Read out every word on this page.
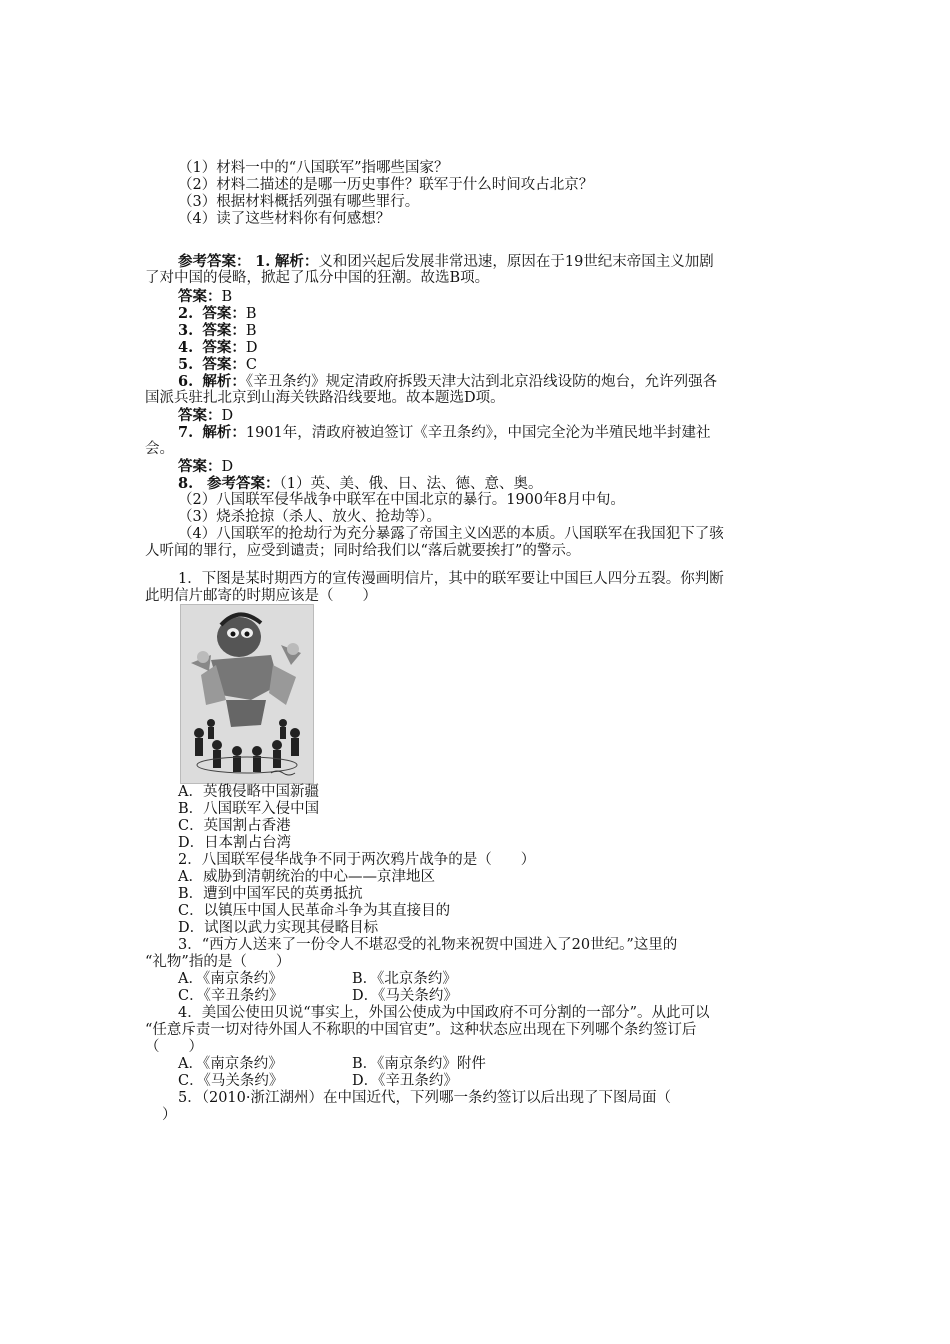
（1）材料一中的“八国联军”指哪些国家？
（2）材料二描述的是哪一历史事件？联军于什么时间攻占北京？
（3）根据材料概括列强有哪些罪行。
（4）读了这些材料你有何感想？
参考答案： 1. 解析：义和团兴起后发展非常迅速，原因在于19世纪末帝国主义加剧
了对中国的侵略，掀起了瓜分中国的狂潮。故选B项。
答案：B
2. 答案：B
3. 答案：B
4. 答案：D
5. 答案：C
6. 解析：《辛丑条约》规定清政府拆毁天津大沽到北京沿线设防的炮台，允许列强各
国派兵驻扎北京到山海关铁路沿线要地。故本题选D项。
答案：D
7. 解析：1901年，清政府被迫签订《辛丑条约》，中国完全沦为半殖民地半封建社
会。
答案：D
8. 参考答案：（1）英、美、俄、日、法、德、意、奥。
（2）八国联军侵华战争中联军在中国北京的暴行。1900年8月中旬。
（3）烧杀抢掠（杀人、放火、抢劫等）。
（4）八国联军的抢劫行为充分暴露了帝国主义凶恶的本质。八国联军在我国犯下了骇
人听闻的罪行，应受到谴责；同时给我们以“落后就要挨打”的警示。
1．下图是某时期西方的宣传漫画明信片，其中的联军要让中国巨人四分五裂。你判断
此明信片邮寄的时期应该是（　　）
A．英俄侵略中国新疆
B．八国联军入侵中国
C．英国割占香港
D．日本割占台湾
2．八国联军侵华战争不同于两次鸦片战争的是（　　）
A．威胁到清朝统治的中心——京津地区
B．遭到中国军民的英勇抵抗
C．以镇压中国人民革命斗争为其直接目的
D．试图以武力实现其侵略目标
3．“西方人送来了一份令人不堪忍受的礼物来祝贺中国进入了20世纪。”这里的
“礼物”指的是（　　）
A．《南京条约》	B．《北京条约》
C．《辛丑条约》	D．《马关条约》
4．美国公使田贝说“事实上，外国公使成为中国政府不可分割的一部分”。从此可以
“任意斥责一切对待外国人不称职的中国官吏”。这种状态应出现在下列哪个条约签订后
（　　）
A．《南京条约》	B．《南京条约》附件
C．《马关条约》	D．《辛丑条约》
5．（2010·浙江湖州）在中国近代，下列哪一条约签订以后出现了下图局面（
）
